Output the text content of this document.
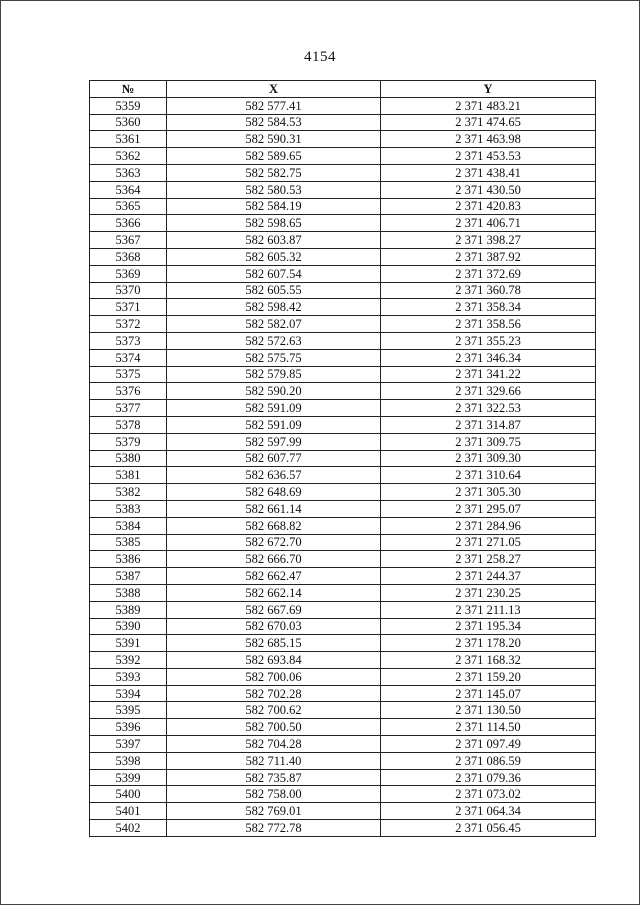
4154
№	X	Y
5359	582 577.41	2 371 483.21
5360	582 584.53	2 371 474.65
5361	582 590.31	2 371 463.98
5362	582 589.65	2 371 453.53
5363	582 582.75	2 371 438.41
5364	582 580.53	2 371 430.50
5365	582 584.19	2 371 420.83
5366	582 598.65	2 371 406.71
5367	582 603.87	2 371 398.27
5368	582 605.32	2 371 387.92
5369	582 607.54	2 371 372.69
5370	582 605.55	2 371 360.78
5371	582 598.42	2 371 358.34
5372	582 582.07	2 371 358.56
5373	582 572.63	2 371 355.23
5374	582 575.75	2 371 346.34
5375	582 579.85	2 371 341.22
5376	582 590.20	2 371 329.66
5377	582 591.09	2 371 322.53
5378	582 591.09	2 371 314.87
5379	582 597.99	2 371 309.75
5380	582 607.77	2 371 309.30
5381	582 636.57	2 371 310.64
5382	582 648.69	2 371 305.30
5383	582 661.14	2 371 295.07
5384	582 668.82	2 371 284.96
5385	582 672.70	2 371 271.05
5386	582 666.70	2 371 258.27
5387	582 662.47	2 371 244.37
5388	582 662.14	2 371 230.25
5389	582 667.69	2 371 211.13
5390	582 670.03	2 371 195.34
5391	582 685.15	2 371 178.20
5392	582 693.84	2 371 168.32
5393	582 700.06	2 371 159.20
5394	582 702.28	2 371 145.07
5395	582 700.62	2 371 130.50
5396	582 700.50	2 371 114.50
5397	582 704.28	2 371 097.49
5398	582 711.40	2 371 086.59
5399	582 735.87	2 371 079.36
5400	582 758.00	2 371 073.02
5401	582 769.01	2 371 064.34
5402	582 772.78	2 371 056.45
